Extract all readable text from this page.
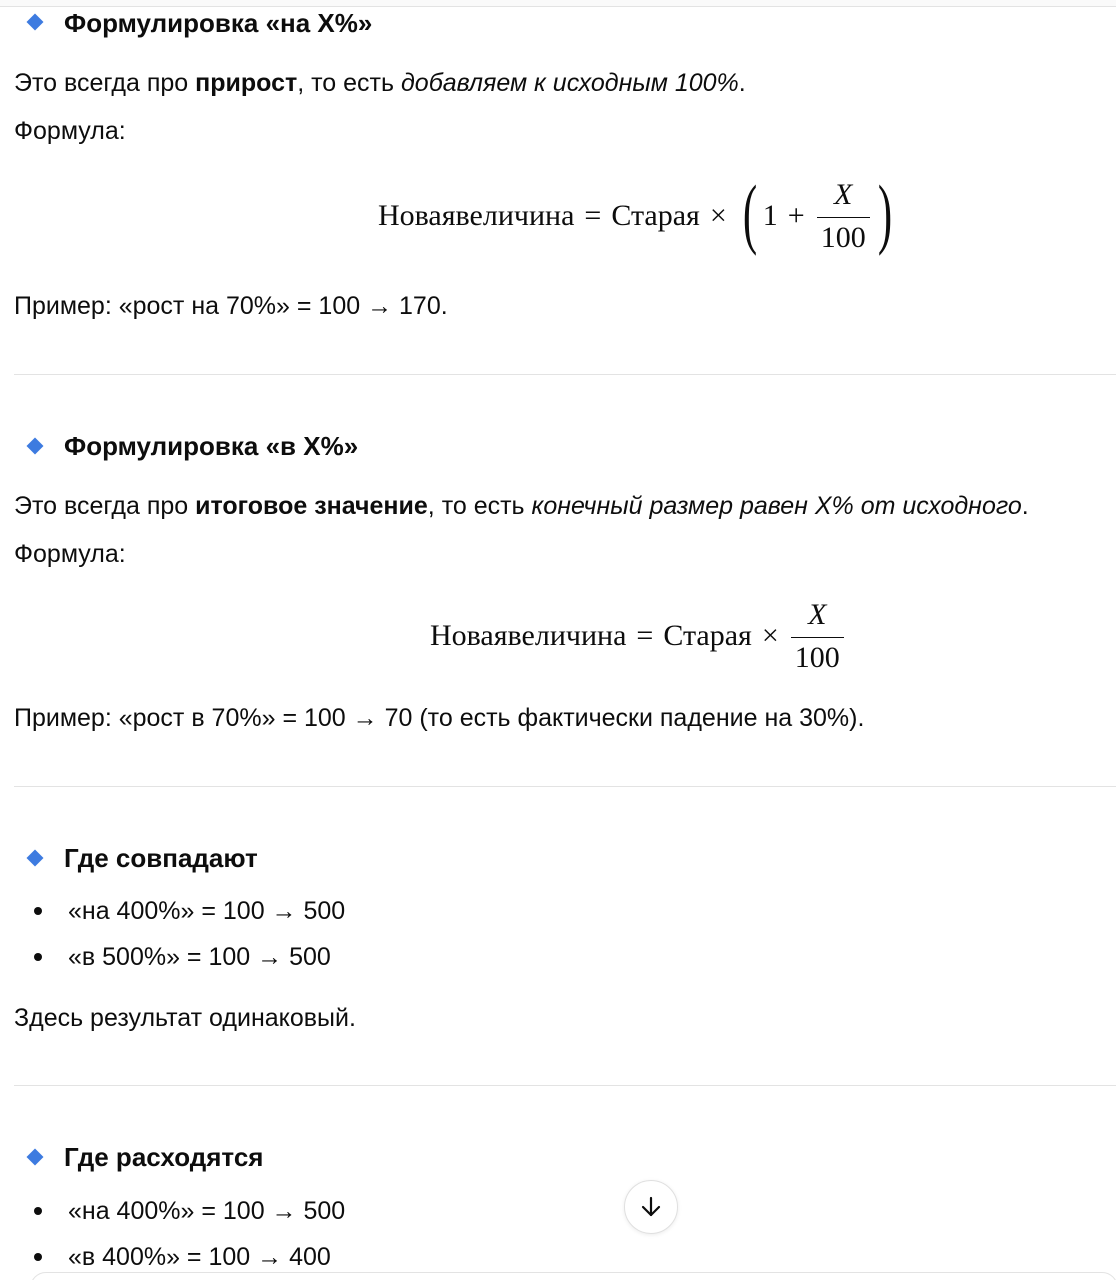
Формулировка «на X%»
Это всегда про прирост, то есть добавляем к исходным 100%.
Формула:
Новаявеличина = Старая × ( $1 + \frac{X}{100}$ )
Пример: «рост на 70%» = 100 → 170.
Формулировка «в X%»
Это всегда про итоговое значение, то есть конечный размер равен X% от исходного.
Формула:
Новаявеличина = Старая × $\frac{X}{100}$
Пример: «рост в 70%» = 100 → 70 (то есть фактически падение на 30%).
Где совпадают
«на 400%» = 100 → 500
«в 500%» = 100 → 500
Здесь результат одинаковый.
Где расходятся
«на 400%» = 100 → 500
«в 400%» = 100 → 400
